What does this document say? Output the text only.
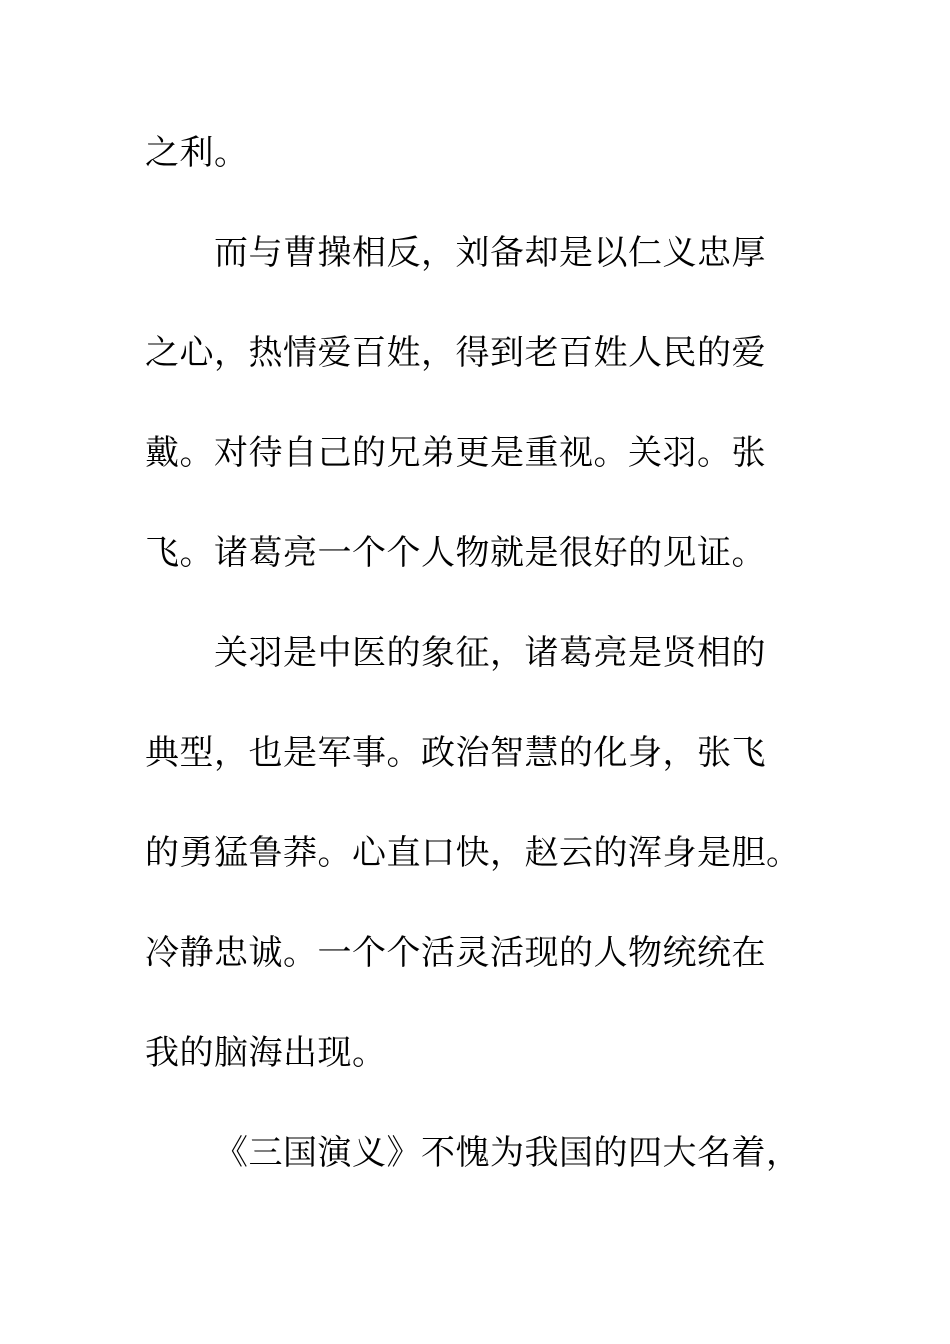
之利。
而与曹操相反，刘备却是以仁义忠厚
之心，热情爱百姓，得到老百姓人民的爱
戴。对待自己的兄弟更是重视。关羽。张
飞。诸葛亮一个个人物就是很好的见证。
关羽是中医的象征，诸葛亮是贤相的
典型，也是军事。政治智慧的化身，张飞
的勇猛鲁莽。心直口快，赵云的浑身是胆。
冷静忠诚。一个个活灵活现的人物统统在
我的脑海出现。
《三国演义》不愧为我国的四大名着，
